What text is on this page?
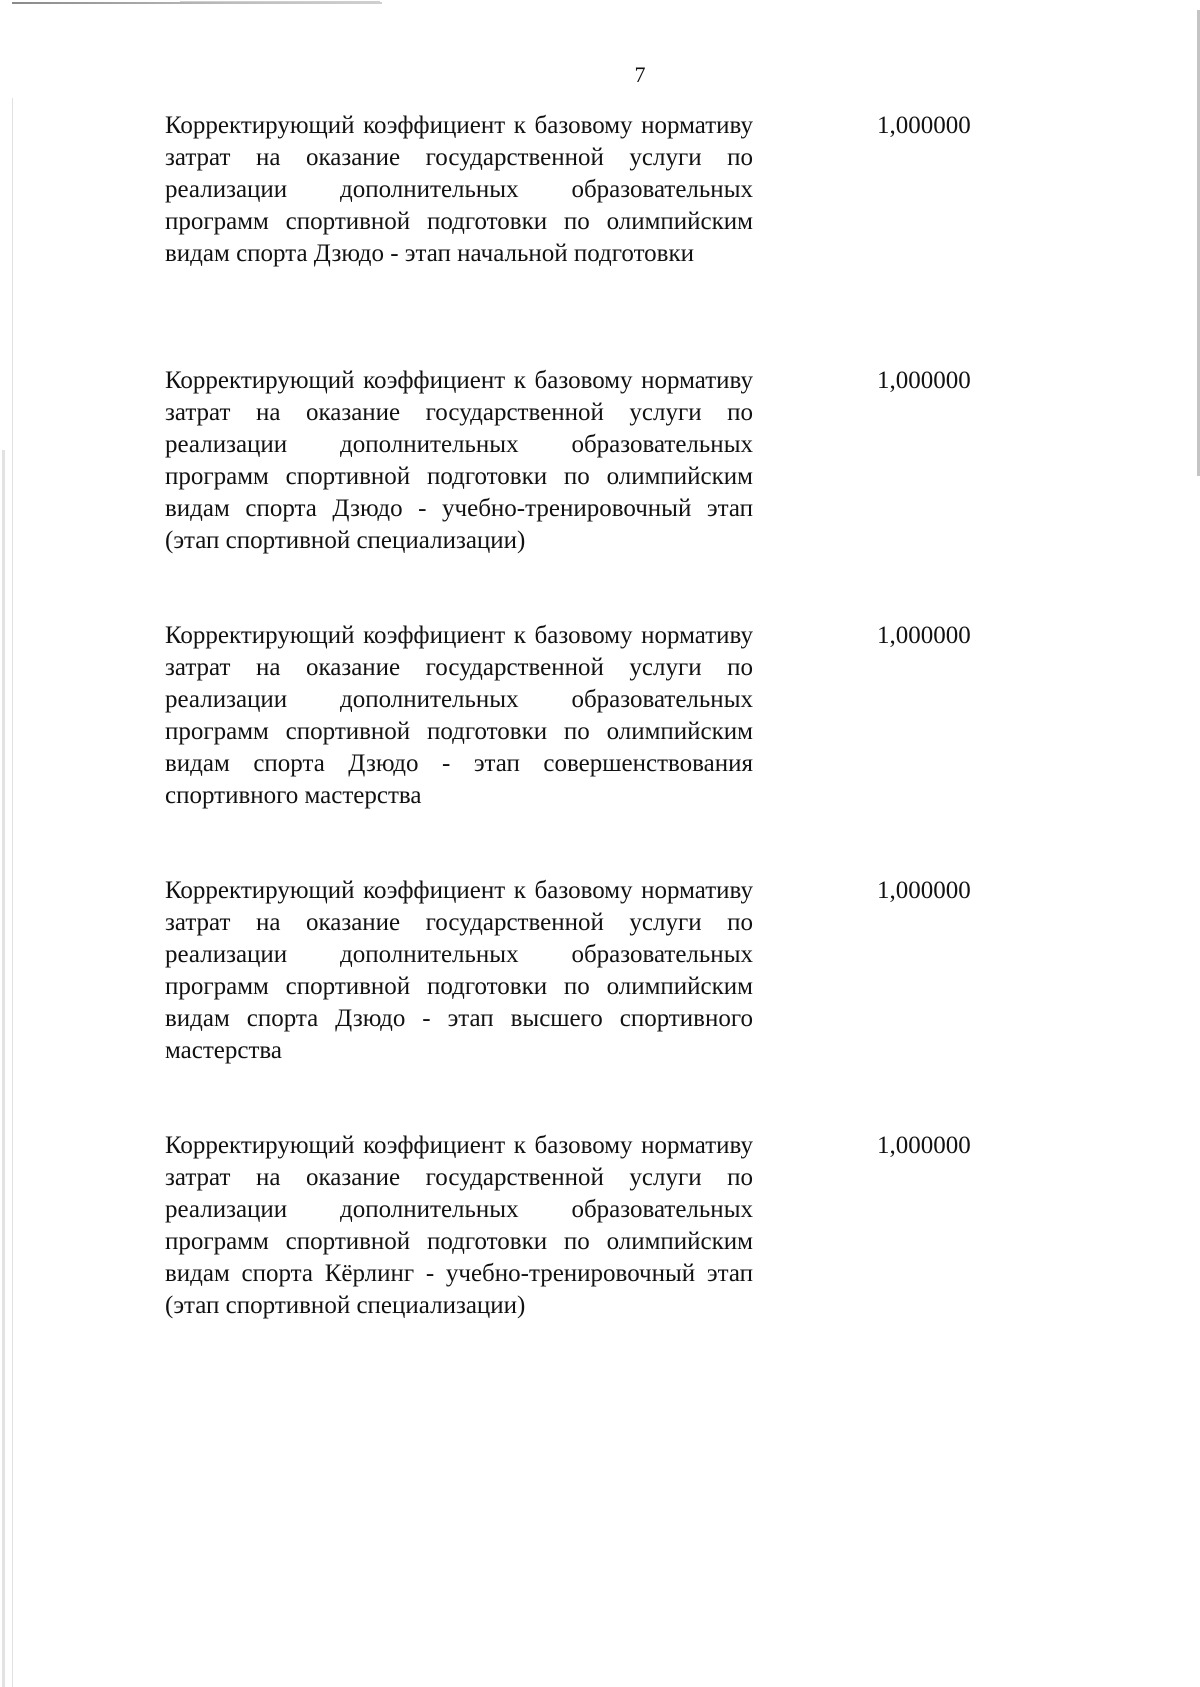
7

Корректирующий коэффициент к базовому нормативу затрат на оказание государственной услуги по реализации дополнительных образовательных программ спортивной подготовки по олимпийским видам спорта Дзюдо - этап начальной подготовки

1,000000

Корректирующий коэффициент к базовому нормативу затрат на оказание государственной услуги по реализации дополнительных образовательных программ спортивной подготовки по олимпийским видам спорта Дзюдо - учебно-тренировочный этап (этап спортивной специализации)

1,000000

Корректирующий коэффициент к базовому нормативу затрат на оказание государственной услуги по реализации дополнительных образовательных программ спортивной подготовки по олимпийским видам спорта Дзюдо - этап совершенствования спортивного мастерства

1,000000

Корректирующий коэффициент к базовому нормативу затрат на оказание государственной услуги по реализации дополнительных образовательных программ спортивной подготовки по олимпийским видам спорта Дзюдо - этап высшего спортивного мастерства

1,000000

Корректирующий коэффициент к базовому нормативу затрат на оказание государственной услуги по реализации дополнительных образовательных программ спортивной подготовки по олимпийским видам спорта Кёрлинг - учебно-тренировочный этап (этап спортивной специализации)

1,000000
